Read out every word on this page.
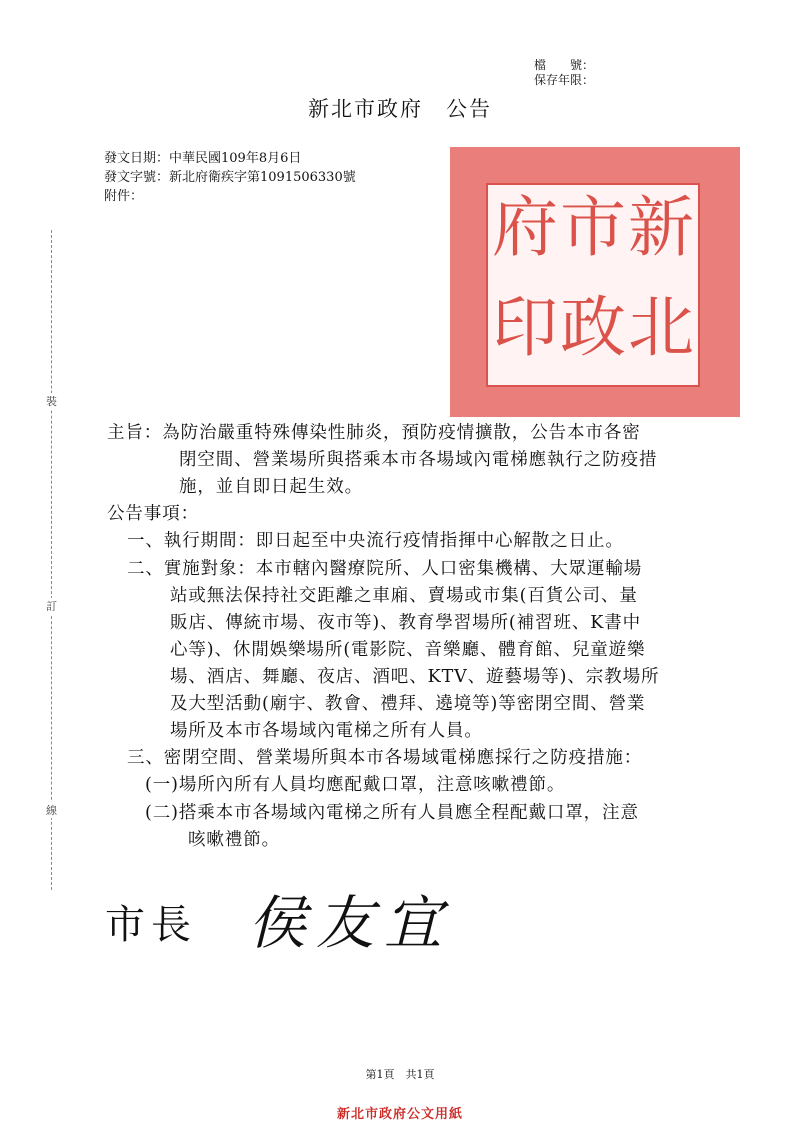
檔　　號：
保存年限：
新北市政府　公告
發文日期：中華民國109年8月6日
發文字號：新北府衛疾字第1091506330號
附件：	新
北
市
政
府
印
裝
訂
線
主旨：為防治嚴重特殊傳染性肺炎，預防疫情擴散，公告本市各密
閉空間、營業場所與搭乘本市各場域內電梯應執行之防疫措
施，並自即日起生效。
公告事項：
一、執行期間：即日起至中央流行疫情指揮中心解散之日止。
二、實施對象：本市轄內醫療院所、人口密集機構、大眾運輸場
站或無法保持社交距離之車廂、賣場或市集(百貨公司、量
販店、傳統市場、夜市等)、教育學習場所(補習班、K書中
心等)、休閒娛樂場所(電影院、音樂廳、體育館、兒童遊樂
場、酒店、舞廳、夜店、酒吧、KTV、遊藝場等)、宗教場所
及大型活動(廟宇、教會、禮拜、遶境等)等密閉空間、營業
場所及本市各場域內電梯之所有人員。
三、密閉空間、營業場所與本市各場域電梯應採行之防疫措施：
(一)場所內所有人員均應配戴口罩，注意咳嗽禮節。
(二)搭乘本市各場域內電梯之所有人員應全程配戴口罩，注意
咳嗽禮節。
市長 侯友宜
第1頁　共1頁
新北市政府公文用紙
